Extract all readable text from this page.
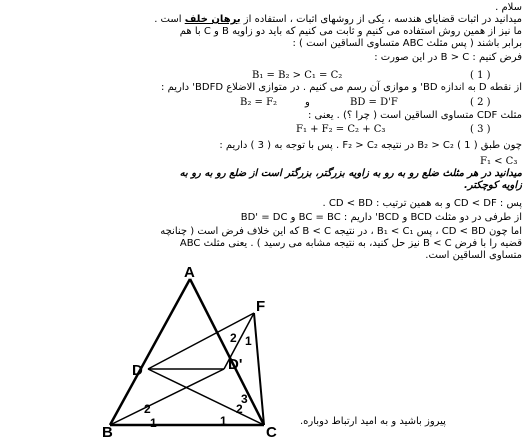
سلام .
میدانید در اثبات قضایای هندسه ، یکی از روشهای اثبات ، استفاده از برهان خلف است .
ما نیز از همین روش استفاده می کنیم و ثابت می کنیم که باید دو زاویه B و C با هم
برابر باشند ( پس مثلث ABC متساوی الساقین است ) :
فرض کنیم : B > C در این صورت :
B₁ = B₂ > C₁ = C₂	( 1 )
از نقطه D به اندازه BD' و موازی آن رسم می کنیم . در متوازی الاضلاع BDFD' داریم :
( 2 )
BD = D'F
و
B₂ = F₂
مثلث CDF متساوی الساقین است ( چرا ؟) . یعنی :
F₁ + F₂ = C₂ + C₃	( 3 )
چون طبق ( 1 ) B₂ > C₂ در نتیجه F₂ > C₂ . پس با توجه به ( 3 ) داریم :
F₁ < C₃
میدانید در هر مثلث ضلع رو به رو به زاویه بزرگتر، بزرگتر است از ضلع رو به رو به
زاویه کوچکتر.
پس : CD < DF و به همین ترتیب : CD < BD .
از طرفی در دو مثلث BCD و BCD' داریم : BC = BC و BD' = DC
اما چون CD < BD ، پس B₁ < C₁ ، در نتیجه B < C که این خلاف فرض است ( چنانچه
قضیه را با فرض B < C نیز حل کنید، به نتیجه مشابه می رسید ) . یعنی مثلث ABC
متساوی الساقین است.
A
B	C
D
F
D'
1
2
1
2
3
1
2
پیروز باشید و به امید ارتباط دوباره.
